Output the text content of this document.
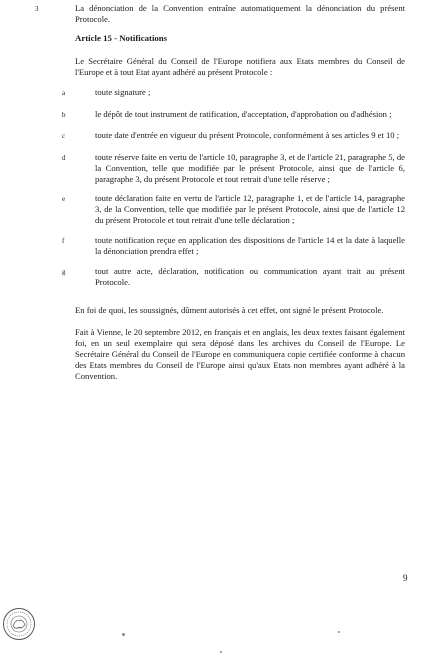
3	La dénonciation de la Convention entraîne automatiquement la dénonciation du présent Protocole.
Article 15 - Notifications
Le Secrétaire Général du Conseil de l'Europe notifiera aux Etats membres du Conseil de l'Europe et à tout Etat ayant adhéré au présent Protocole :
a	toute signature ;
b	le dépôt de tout instrument de ratification, d'acceptation, d'approbation ou d'adhésion ;
c	toute date d'entrée en vigueur du présent Protocole, conformément à ses articles 9 et 10 ;
d	toute réserve faite en vertu de l'article 10, paragraphe 3, et de l'article 21, paragraphe 5, de la Convention, telle que modifiée par le présent Protocole, ainsi que de l'article 6, paragraphe 3, du présent Protocole et tout retrait d'une telle réserve ;
e	toute déclaration faite en vertu de l'article 12, paragraphe 1, et de l'article 14, paragraphe 3, de la Convention, telle que modifiée par le présent Protocole, ainsi que de l'article 12 du présent Protocole et tout retrait d'une telle déclaration ;
f	toute notification reçue en application des dispositions de l'article 14 et la date à laquelle la dénonciation prendra effet ;
g	tout autre acte, déclaration, notification ou communication ayant trait au présent Protocole.
En foi de quoi, les soussignés, dûment autorisés à cet effet, ont signé le présent Protocole.
Fait à Vienne, le 20 septembre 2012, en français et en anglais, les deux textes faisant également foi, en un seul exemplaire qui sera déposé dans les archives du Conseil de l'Europe. Le Secrétaire Général du Conseil de l'Europe en communiquera copie certifiée conforme à chacun des Etats membres du Conseil de l'Europe ainsi qu'aux Etats non membres ayant adhéré à la Convention.
9
